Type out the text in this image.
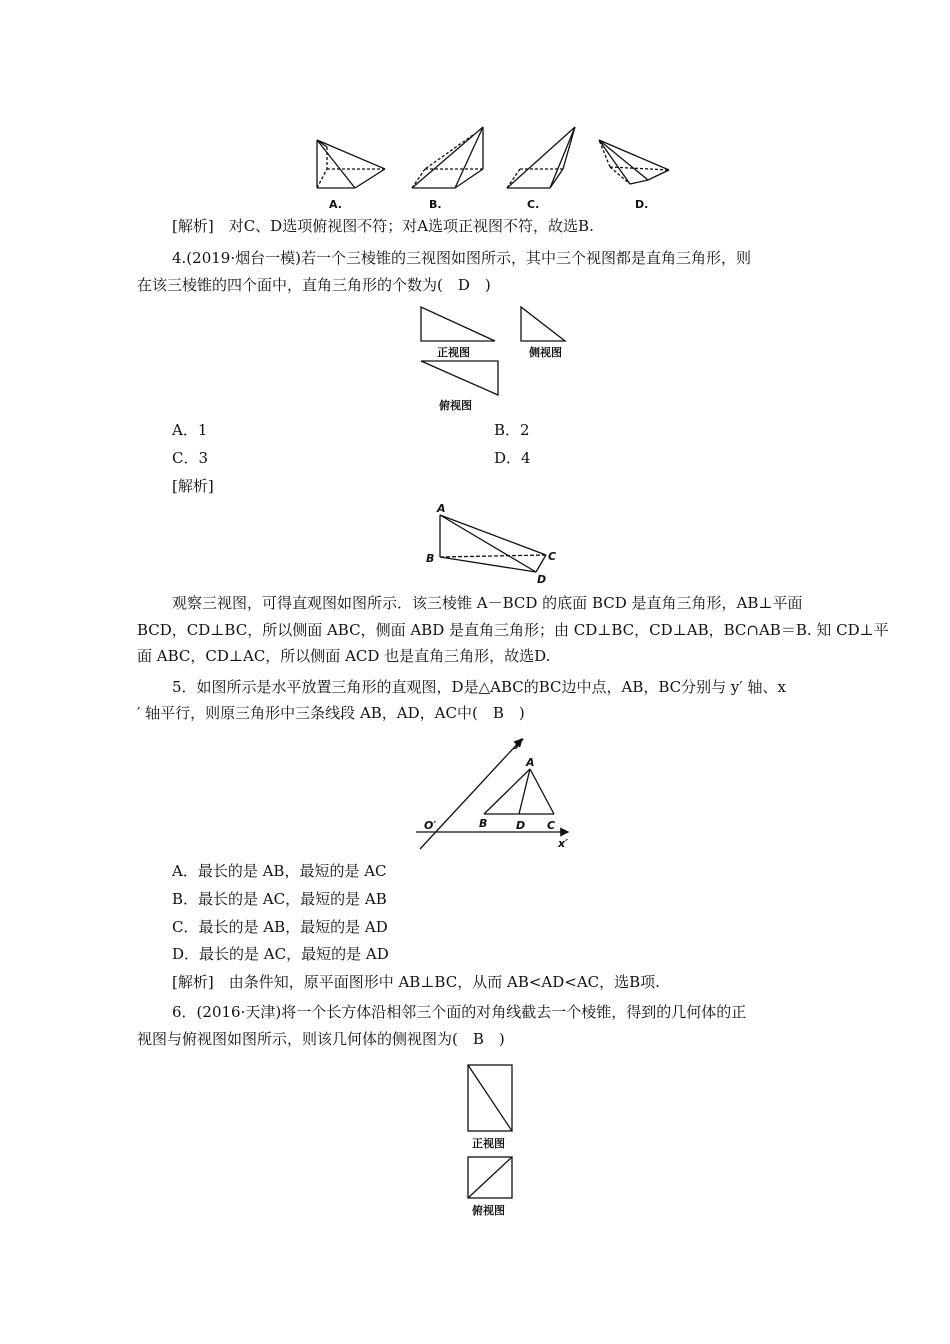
A.	B.	C.	D.
[解析]　对C、D选项俯视图不符；对A选项正视图不符，故选B.
4.(2019·烟台一模)若一个三棱锥的三视图如图所示，其中三个视图都是直角三角形，则
在该三棱锥的四个面中，直角三角形的个数为(　D　)
正视图	侧视图
俯视图
A．1	B．2
C．3	D．4
[解析]
A
B	C
D
观察三视图，可得直观图如图所示．该三棱锥 A－BCD 的底面 BCD 是直角三角形，AB⊥平面
BCD，CD⊥BC，所以侧面 ABC，侧面 ABD 是直角三角形；由 CD⊥BC，CD⊥AB，BC∩AB＝B. 知 CD⊥平
面 ABC，CD⊥AC，所以侧面 ACD 也是直角三角形，故选D.
5．如图所示是水平放置三角形的直观图，D是△ABC的BC边中点，AB，BC分别与 y′ 轴、x
′ 轴平行，则原三角形中三条线段 AB，AD，AC中(　B　)
y′
A
O′	B	D C
x′
A．最长的是 AB，最短的是 AC
B．最长的是 AC，最短的是 AB
C．最长的是 AB，最短的是 AD
D．最长的是 AC，最短的是 AD
[解析]　由条件知，原平面图形中 AB⊥BC，从而 AB<AD<AC，选B项.
6．(2016·天津)将一个长方体沿相邻三个面的对角线截去一个棱锥，得到的几何体的正
视图与俯视图如图所示，则该几何体的侧视图为(　B　)
正视图
俯视图
